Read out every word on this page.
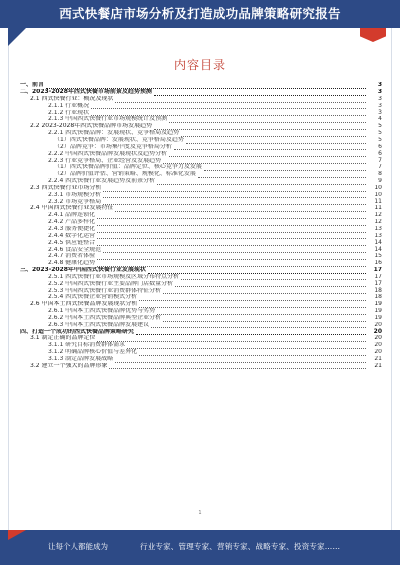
西式快餐店市场分析及打造成功品牌策略研究报告
内容目录
一、前言	3
二、2023-2028年西式快餐市场前景及趋势预测	3
2.1 西式快餐行业：概况及现状	3
2.1.1 行业概况	3
2.1.2 行业现状	3
2.1.3 中国西式快餐行业市场规模统计及预测	4
2.2 2023-2028年西式快餐品牌市场发展趋势	5
2.2.1 西式快餐品牌：发展现状、竞争格局及趋势	5
（1）西式快餐品牌：发展现状、竞争格局及趋势	5
（2）品牌竞争：市场集中度及竞争格局分析	6
2.2.2 中国西式快餐品牌发展现状及趋势分析	6
2.2.3 行业竞争格局、企业经营及发展趋势	7
（1）西式快餐品牌价值：品牌定位、核心竞争力及发展	7
（2）品牌价值评估、营销策略、规模化、标准化发展	8
2.2.4 西式快餐行业发展趋势及前景分析	9
2.3 西式快餐行业市场分析	10
2.3.1 市场规模分析	10
2.3.2 市场竞争格局	11
2.4 中国西式快餐行业发展特征	11
2.4.1 品牌连锁化	12
2.4.2 产品多样化	12
2.4.3 服务便捷化	13
2.4.4 数字化运营	13
2.4.5 供应链整合	14
2.4.6 食品安全规范	14
2.4.7 消费者体验	15
2.4.8 健康化趋势	16
三、2023-2028年中国西式快餐行业发展现状	17
2.5.1 西式快餐行业市场规模及区域分布特点分析	17
2.5.2 中国西式快餐行业主要品牌门店数量分析	17
2.5.3 中国西式快餐行业消费群体特征分析	18
2.5.4 西式快餐企业营销模式分析	18
2.6 中国本土西式快餐品牌发展现状分析	19
2.6.1 中国本土西式快餐品牌优势与劣势	19
2.6.2 中国本土西式快餐品牌典型企业分析	19
2.6.3 中国本土西式快餐品牌发展建议	20
四、打造一个成功的西式快餐品牌策略研究	20
3.1 制定正确的品牌定位	20
3.1.1 研究目标消费群体需求	20
3.1.2 明确品牌核心价值与差异化	20
3.1.3 制定品牌发展战略	21
3.2 建立一个强大的品牌形象	21
1
让每个人都能成为	行业专家、管理专家、营销专家、战略专家、投资专家……
